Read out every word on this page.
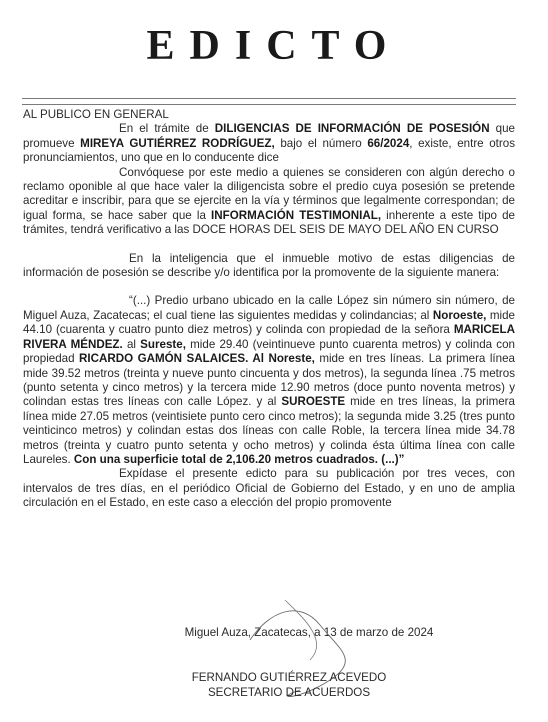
EDICTO

AL PUBLICO EN GENERAL

En el trámite de DILIGENCIAS DE INFORMACIÓN DE POSESIÓN que promueve MIREYA GUTIÉRREZ RODRÍGUEZ, bajo el número 66/2024, existe, entre otros pronunciamientos, uno que en lo conducente dice

Convóquese por este medio a quienes se consideren con algún derecho o reclamo oponible al que hace valer la diligencista sobre el predio cuya posesión se pretende acreditar e inscribir, para que se ejercite en la vía y términos que legalmente correspondan; de igual forma, se hace saber que la INFORMACIÓN TESTIMONIAL, inherente a este tipo de trámites, tendrá verificativo a las DOCE HORAS DEL SEIS DE MAYO DEL AÑO EN CURSO

En la inteligencia que el inmueble motivo de estas diligencias de información de posesión se describe y/o identifica por la promovente de la siguiente manera:

“(...) Predio urbano ubicado en la calle López sin número sin número, de Miguel Auza, Zacatecas; el cual tiene las siguientes medidas y colindancias; al Noroeste, mide 44.10 (cuarenta y cuatro punto diez metros) y colinda con propiedad de la señora MARICELA RIVERA MÉNDEZ. al Sureste, mide 29.40 (veintinueve punto cuarenta metros) y colinda con propiedad RICARDO GAMÓN SALAICES. Al Noreste, mide en tres líneas. La primera línea mide 39.52 metros (treinta y nueve punto cincuenta y dos metros), la segunda línea .75 metros (punto setenta y cinco metros) y la tercera mide 12.90 metros (doce punto noventa metros) y colindan estas tres líneas con calle López. y al SUROESTE mide en tres líneas, la primera línea mide 27.05 metros (veintisiete punto cero cinco metros); la segunda mide 3.25 (tres punto veinticinco metros) y colindan estas dos líneas con calle Roble, la tercera línea mide 34.78 metros (treinta y cuatro punto setenta y ocho metros) y colinda ésta última línea con calle Laureles. Con una superficie total de 2,106.20 metros cuadrados. (...)”

Expídase el presente edicto para su publicación por tres veces, con intervalos de tres días, en el periódico Oficial de Gobierno del Estado, y en uno de amplia circulación en el Estado, en este caso a elección del propio promovente

Miguel Auza, Zacatecas, a 13 de marzo de 2024
FERNANDO GUTIÉRREZ ACEVEDO
SECRETARIO DE ACUERDOS
